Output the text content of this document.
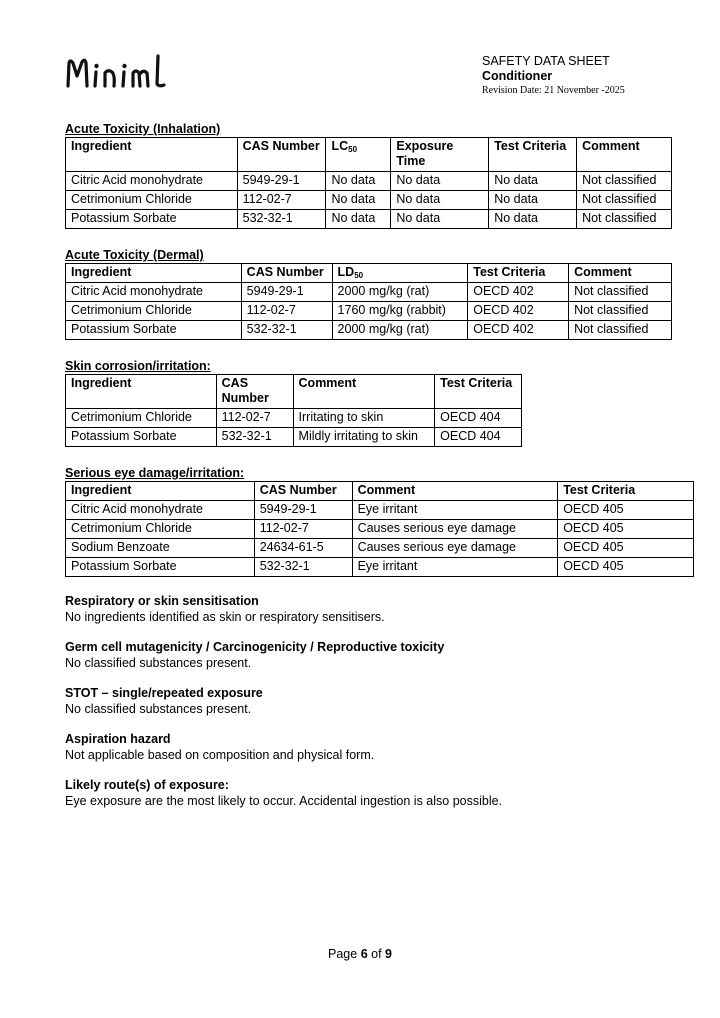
SAFETY DATA SHEET
Conditioner
Revision Date: 21 November -2025
Acute Toxicity (Inhalation)
Ingredient	CAS Number	$LC_{50}$	Exposure Time	Test Criteria	Comment
Citric Acid monohydrate	5949-29-1	No data	No data	No data	Not classified
Cetrimonium Chloride	112-02-7	No data	No data	No data	Not classified
Potassium Sorbate	532-32-1	No data	No data	No data	Not classified
Acute Toxicity (Dermal)
Ingredient	CAS Number	$LD_{50}$	Test Criteria	Comment
Citric Acid monohydrate	5949-29-1	2000 mg/kg (rat)	OECD 402	Not classified
Cetrimonium Chloride	112-02-7	1760 mg/kg (rabbit)	OECD 402	Not classified
Potassium Sorbate	532-32-1	2000 mg/kg (rat)	OECD 402	Not classified
Skin corrosion/irritation:
Ingredient	CAS Number	Comment	Test Criteria
Cetrimonium Chloride	112-02-7	Irritating to skin	OECD 404
Potassium Sorbate	532-32-1	Mildly irritating to skin	OECD 404
Serious eye damage/irritation:
Ingredient	CAS Number	Comment	Test Criteria
Citric Acid monohydrate	5949-29-1	Eye irritant	OECD 405
Cetrimonium Chloride	112-02-7	Causes serious eye damage	OECD 405
Sodium Benzoate	24634-61-5	Causes serious eye damage	OECD 405
Potassium Sorbate	532-32-1	Eye irritant	OECD 405
Respiratory or skin sensitisation
No ingredients identified as skin or respiratory sensitisers.
Germ cell mutagenicity / Carcinogenicity / Reproductive toxicity
No classified substances present.
STOT – single/repeated exposure
No classified substances present.
Aspiration hazard
Not applicable based on composition and physical form.
Likely route(s) of exposure:
Eye exposure are the most likely to occur. Accidental ingestion is also possible.
Page 6 of 9
